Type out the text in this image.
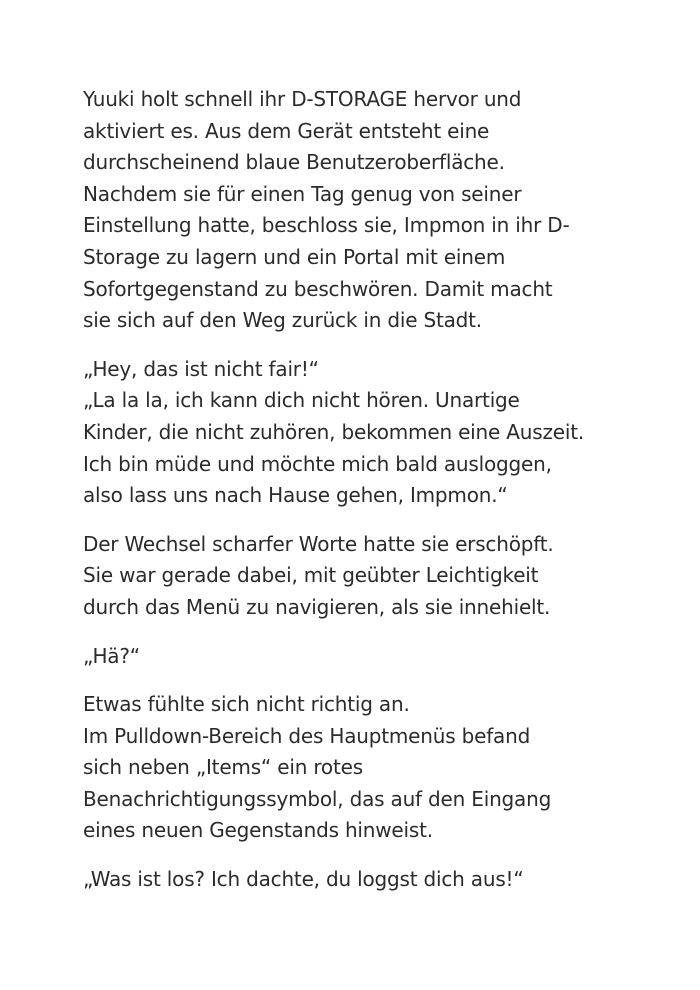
Yuuki holt schnell ihr D-STORAGE hervor und
aktiviert es. Aus dem Gerät entsteht eine
durchscheinend blaue Benutzeroberfläche.
Nachdem sie für einen Tag genug von seiner
Einstellung hatte, beschloss sie, Impmon in ihr D-
Storage zu lagern und ein Portal mit einem
Sofortgegenstand zu beschwören. Damit macht
sie sich auf den Weg zurück in die Stadt.

„Hey, das ist nicht fair!“
„La la la, ich kann dich nicht hören. Unartige
Kinder, die nicht zuhören, bekommen eine Auszeit.
Ich bin müde und möchte mich bald ausloggen,
also lass uns nach Hause gehen, Impmon.“

Der Wechsel scharfer Worte hatte sie erschöpft.
Sie war gerade dabei, mit geübter Leichtigkeit
durch das Menü zu navigieren, als sie innehielt.

„Hä?“

Etwas fühlte sich nicht richtig an.
Im Pulldown-Bereich des Hauptmenüs befand
sich neben „Items“ ein rotes
Benachrichtigungssymbol, das auf den Eingang
eines neuen Gegenstands hinweist.

„Was ist los? Ich dachte, du loggst dich aus!“
